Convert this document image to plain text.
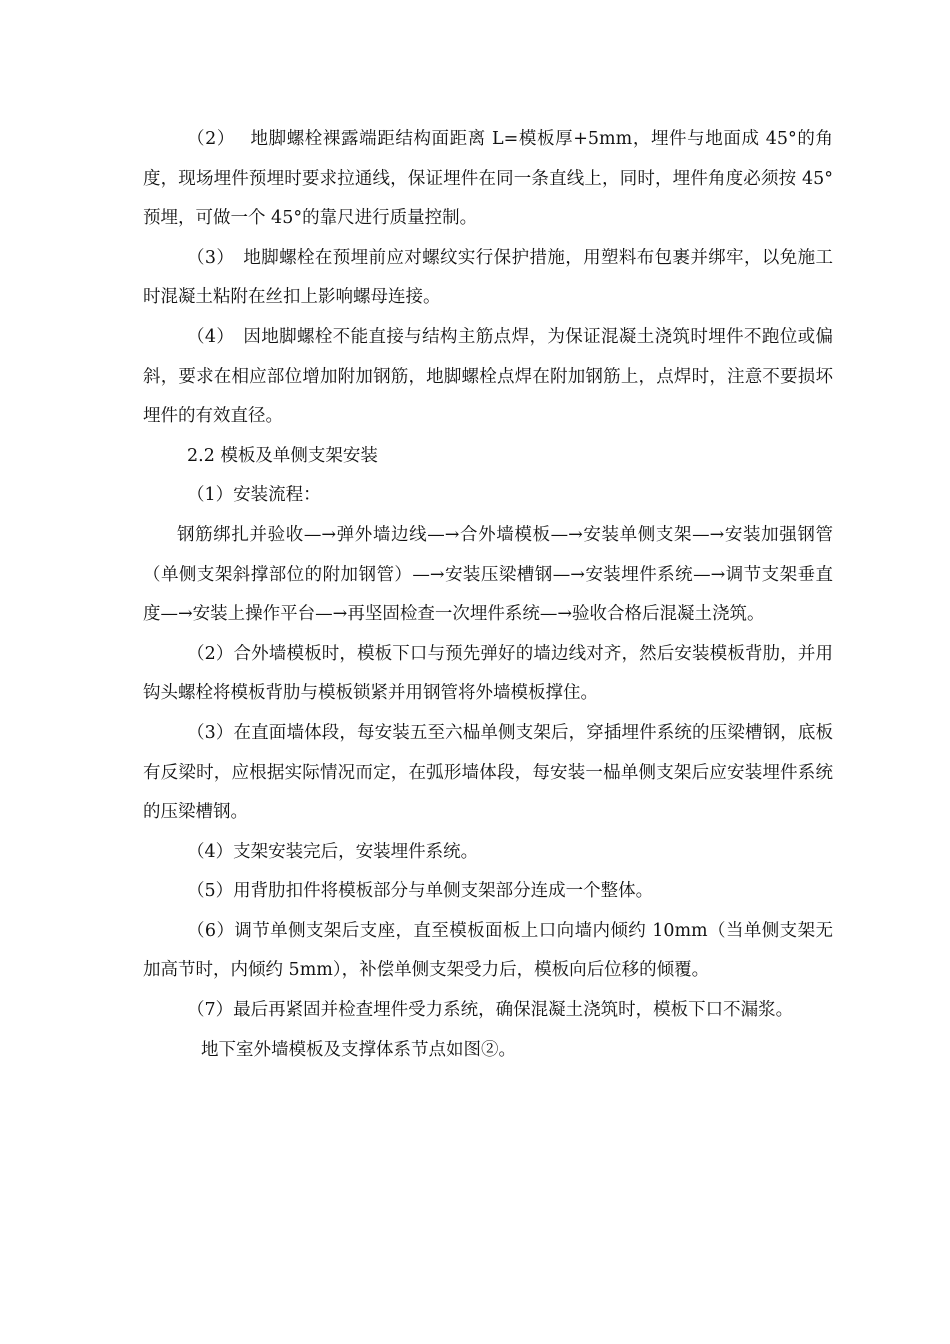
（2）　 地脚螺栓裸露端距结构面距离 L=模板厚+5mm，埋件与地面成 45°的角度，现场埋件预埋时要求拉通线，保证埋件在同一条直线上，同时，埋件角度必须按 45°预埋，可做一个 45°的靠尺进行质量控制。

（3）　地脚螺栓在预埋前应对螺纹实行保护措施，用塑料布包裹并绑牢，以免施工时混凝土粘附在丝扣上影响螺母连接。

（4）　因地脚螺栓不能直接与结构主筋点焊，为保证混凝土浇筑时埋件不跑位或偏斜，要求在相应部位增加附加钢筋，地脚螺栓点焊在附加钢筋上，点焊时，注意不要损坏埋件的有效直径。

2.2 模板及单侧支架安装

（1）安装流程：

钢筋绑扎并验收—→弹外墙边线—→合外墙模板—→安装单侧支架—→安装加强钢管（单侧支架斜撑部位的附加钢管）—→安装压梁槽钢—→安装埋件系统—→调节支架垂直度—→安装上操作平台—→再坚固检查一次埋件系统—→验收合格后混凝土浇筑。

（2）合外墙模板时，模板下口与预先弹好的墙边线对齐，然后安装模板背肋，并用钩头螺栓将模板背肋与模板锁紧并用钢管将外墙模板撑住。

（3）在直面墙体段，每安装五至六榀单侧支架后，穿插埋件系统的压梁槽钢，底板有反梁时，应根据实际情况而定，在弧形墙体段，每安装一榀单侧支架后应安装埋件系统的压梁槽钢。

（4）支架安装完后，安装埋件系统。

（5）用背肋扣件将模板部分与单侧支架部分连成一个整体。

（6）调节单侧支架后支座，直至模板面板上口向墙内倾约 10mm（当单侧支架无加高节时，内倾约 5mm），补偿单侧支架受力后，模板向后位移的倾覆。

（7）最后再紧固并检查埋件受力系统，确保混凝土浇筑时，模板下口不漏浆。

地下室外墙模板及支撑体系节点如图②。
